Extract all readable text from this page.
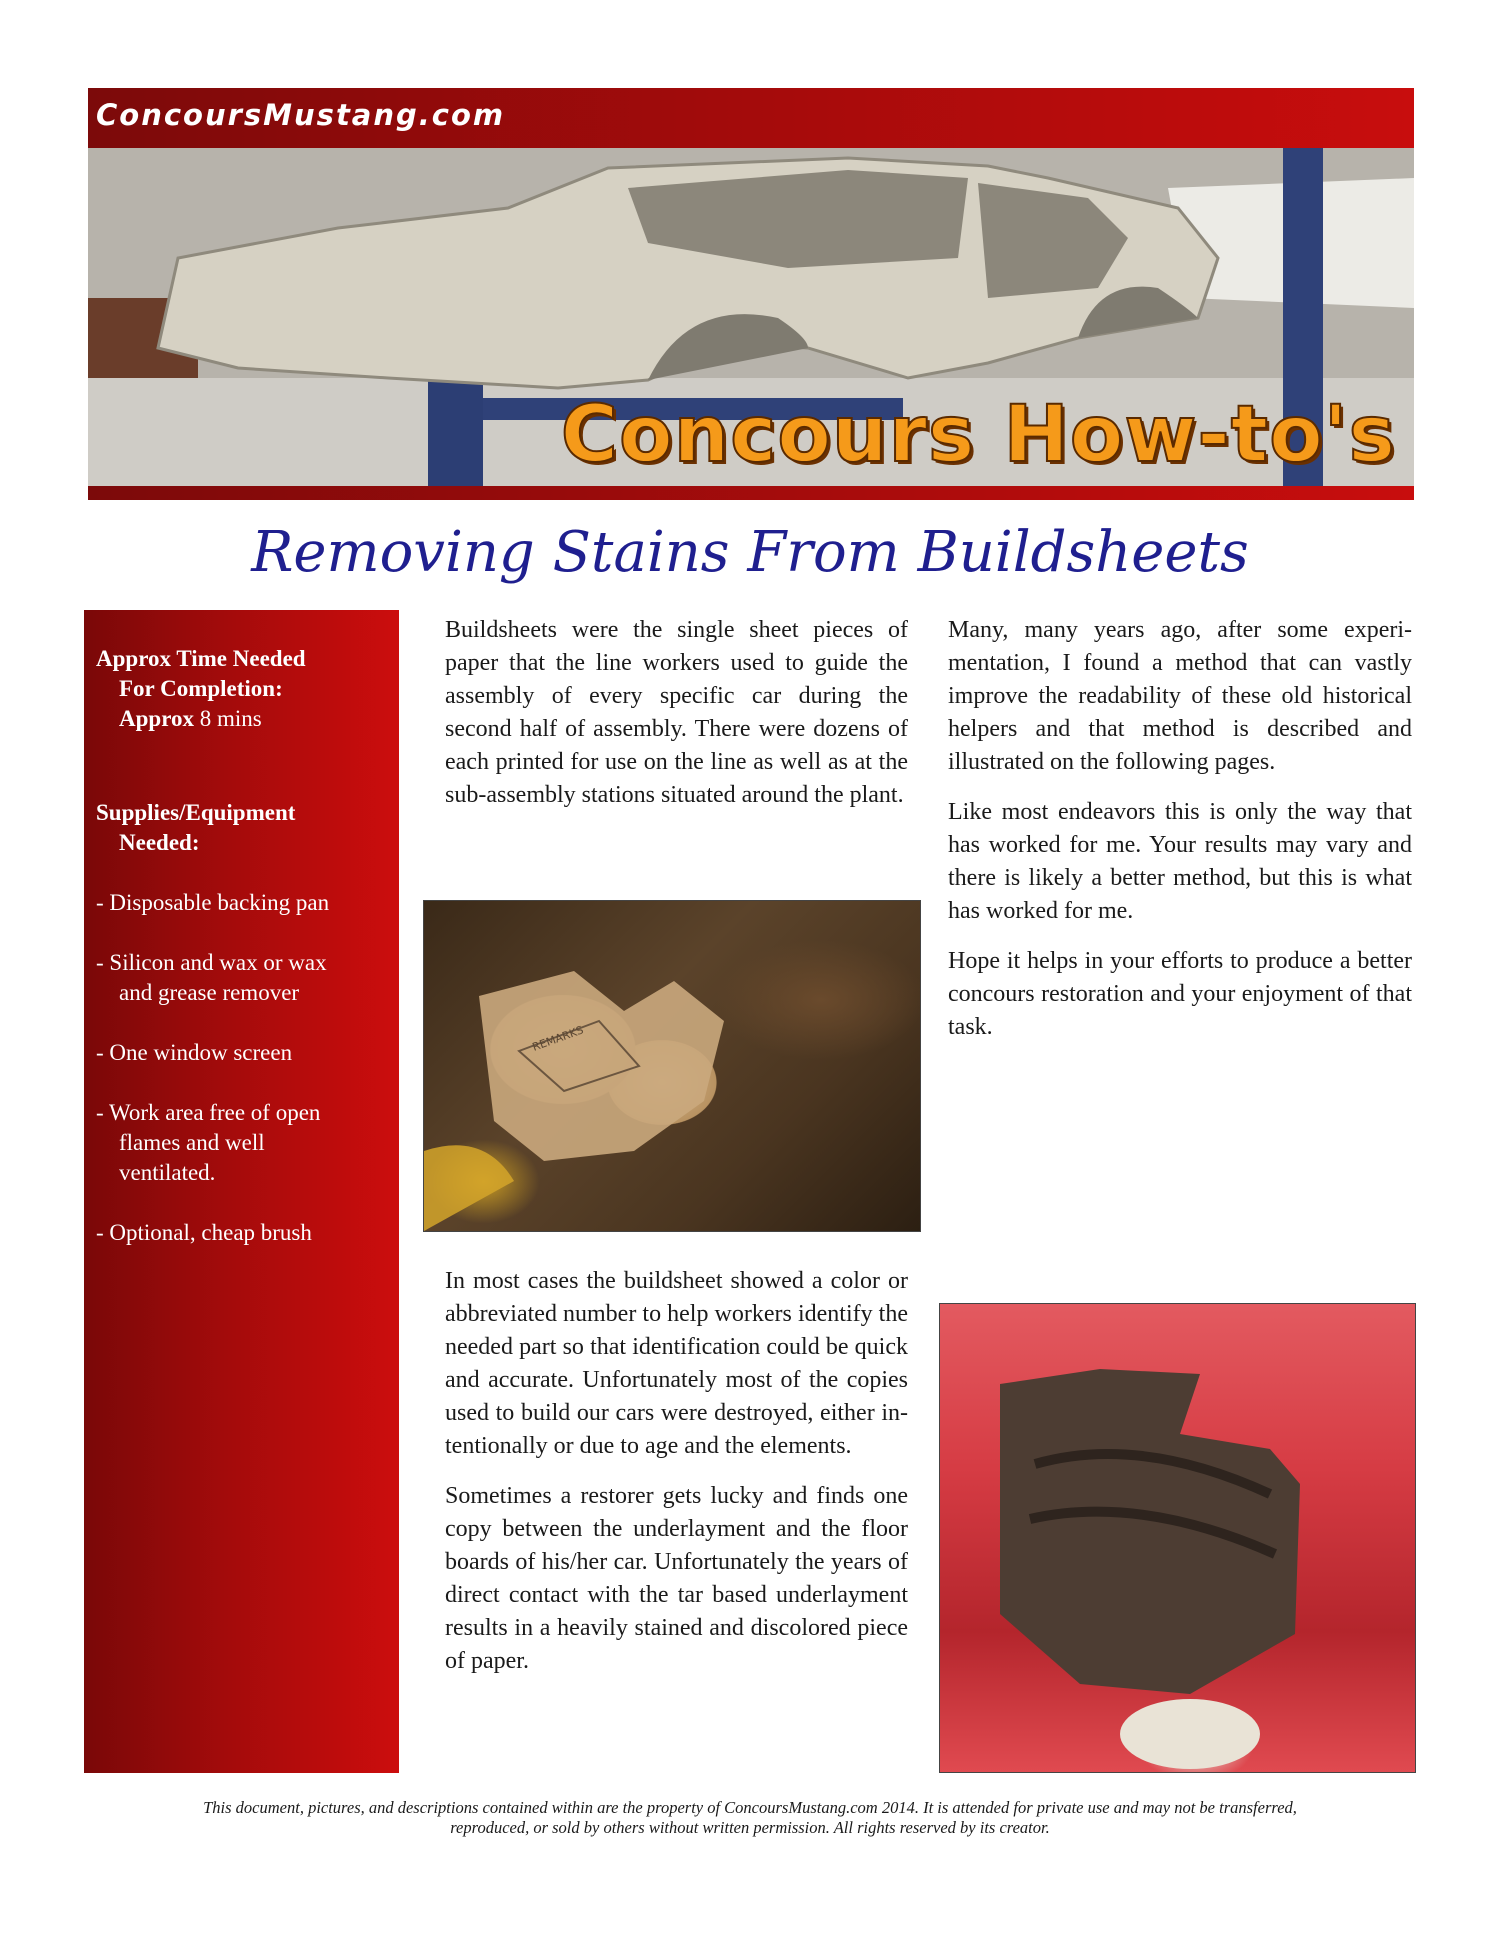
ConcoursMustang.com
Concours How-to's
Removing Stains From Buildsheets
Approx Time Needed
For Completion:
Approx 8 mins
Supplies/Equipment
Needed:
- Disposable backing pan
- Silicon and wax or wax
and grease remover
- One window screen
- Work area free of open
flames and well
ventilated.
- Optional, cheap brush

Buildsheets were the single sheet pieces of paper that the line workers used to guide the assembly of every specific car during the second half of assembly. There were dozens of each printed for use on the line as well as at the sub-assembly stations situated around the plant.

Many, many years ago, after some experimentation, I found a method that can vastly improve the readability of these old historical helpers and that method is described and illustrated on the following pages.

Like most endeavors this is only the way that has worked for me. Your results may vary and there is likely a better method, but this is what has worked for me.

Hope it helps in your efforts to produce a better concours restoration and your enjoyment of that task.

REMARKS

In most cases the buildsheet showed a color or abbreviated number to help workers identify the needed part so that identification could be quick and accurate. Unfortunately most of the copies used to build our cars were destroyed, either intentionally or due to age and the elements.

Sometimes a restorer gets lucky and finds one copy between the underlayment and the floor boards of his/her car. Unfortunately the years of direct contact with the tar based underlayment results in a heavily stained and discolored piece of paper.

This document, pictures, and descriptions contained within are the property of ConcoursMustang.com 2014. It is attended for private use and may not be transferred,
reproduced, or sold by others without written permission. All rights reserved by its creator.
